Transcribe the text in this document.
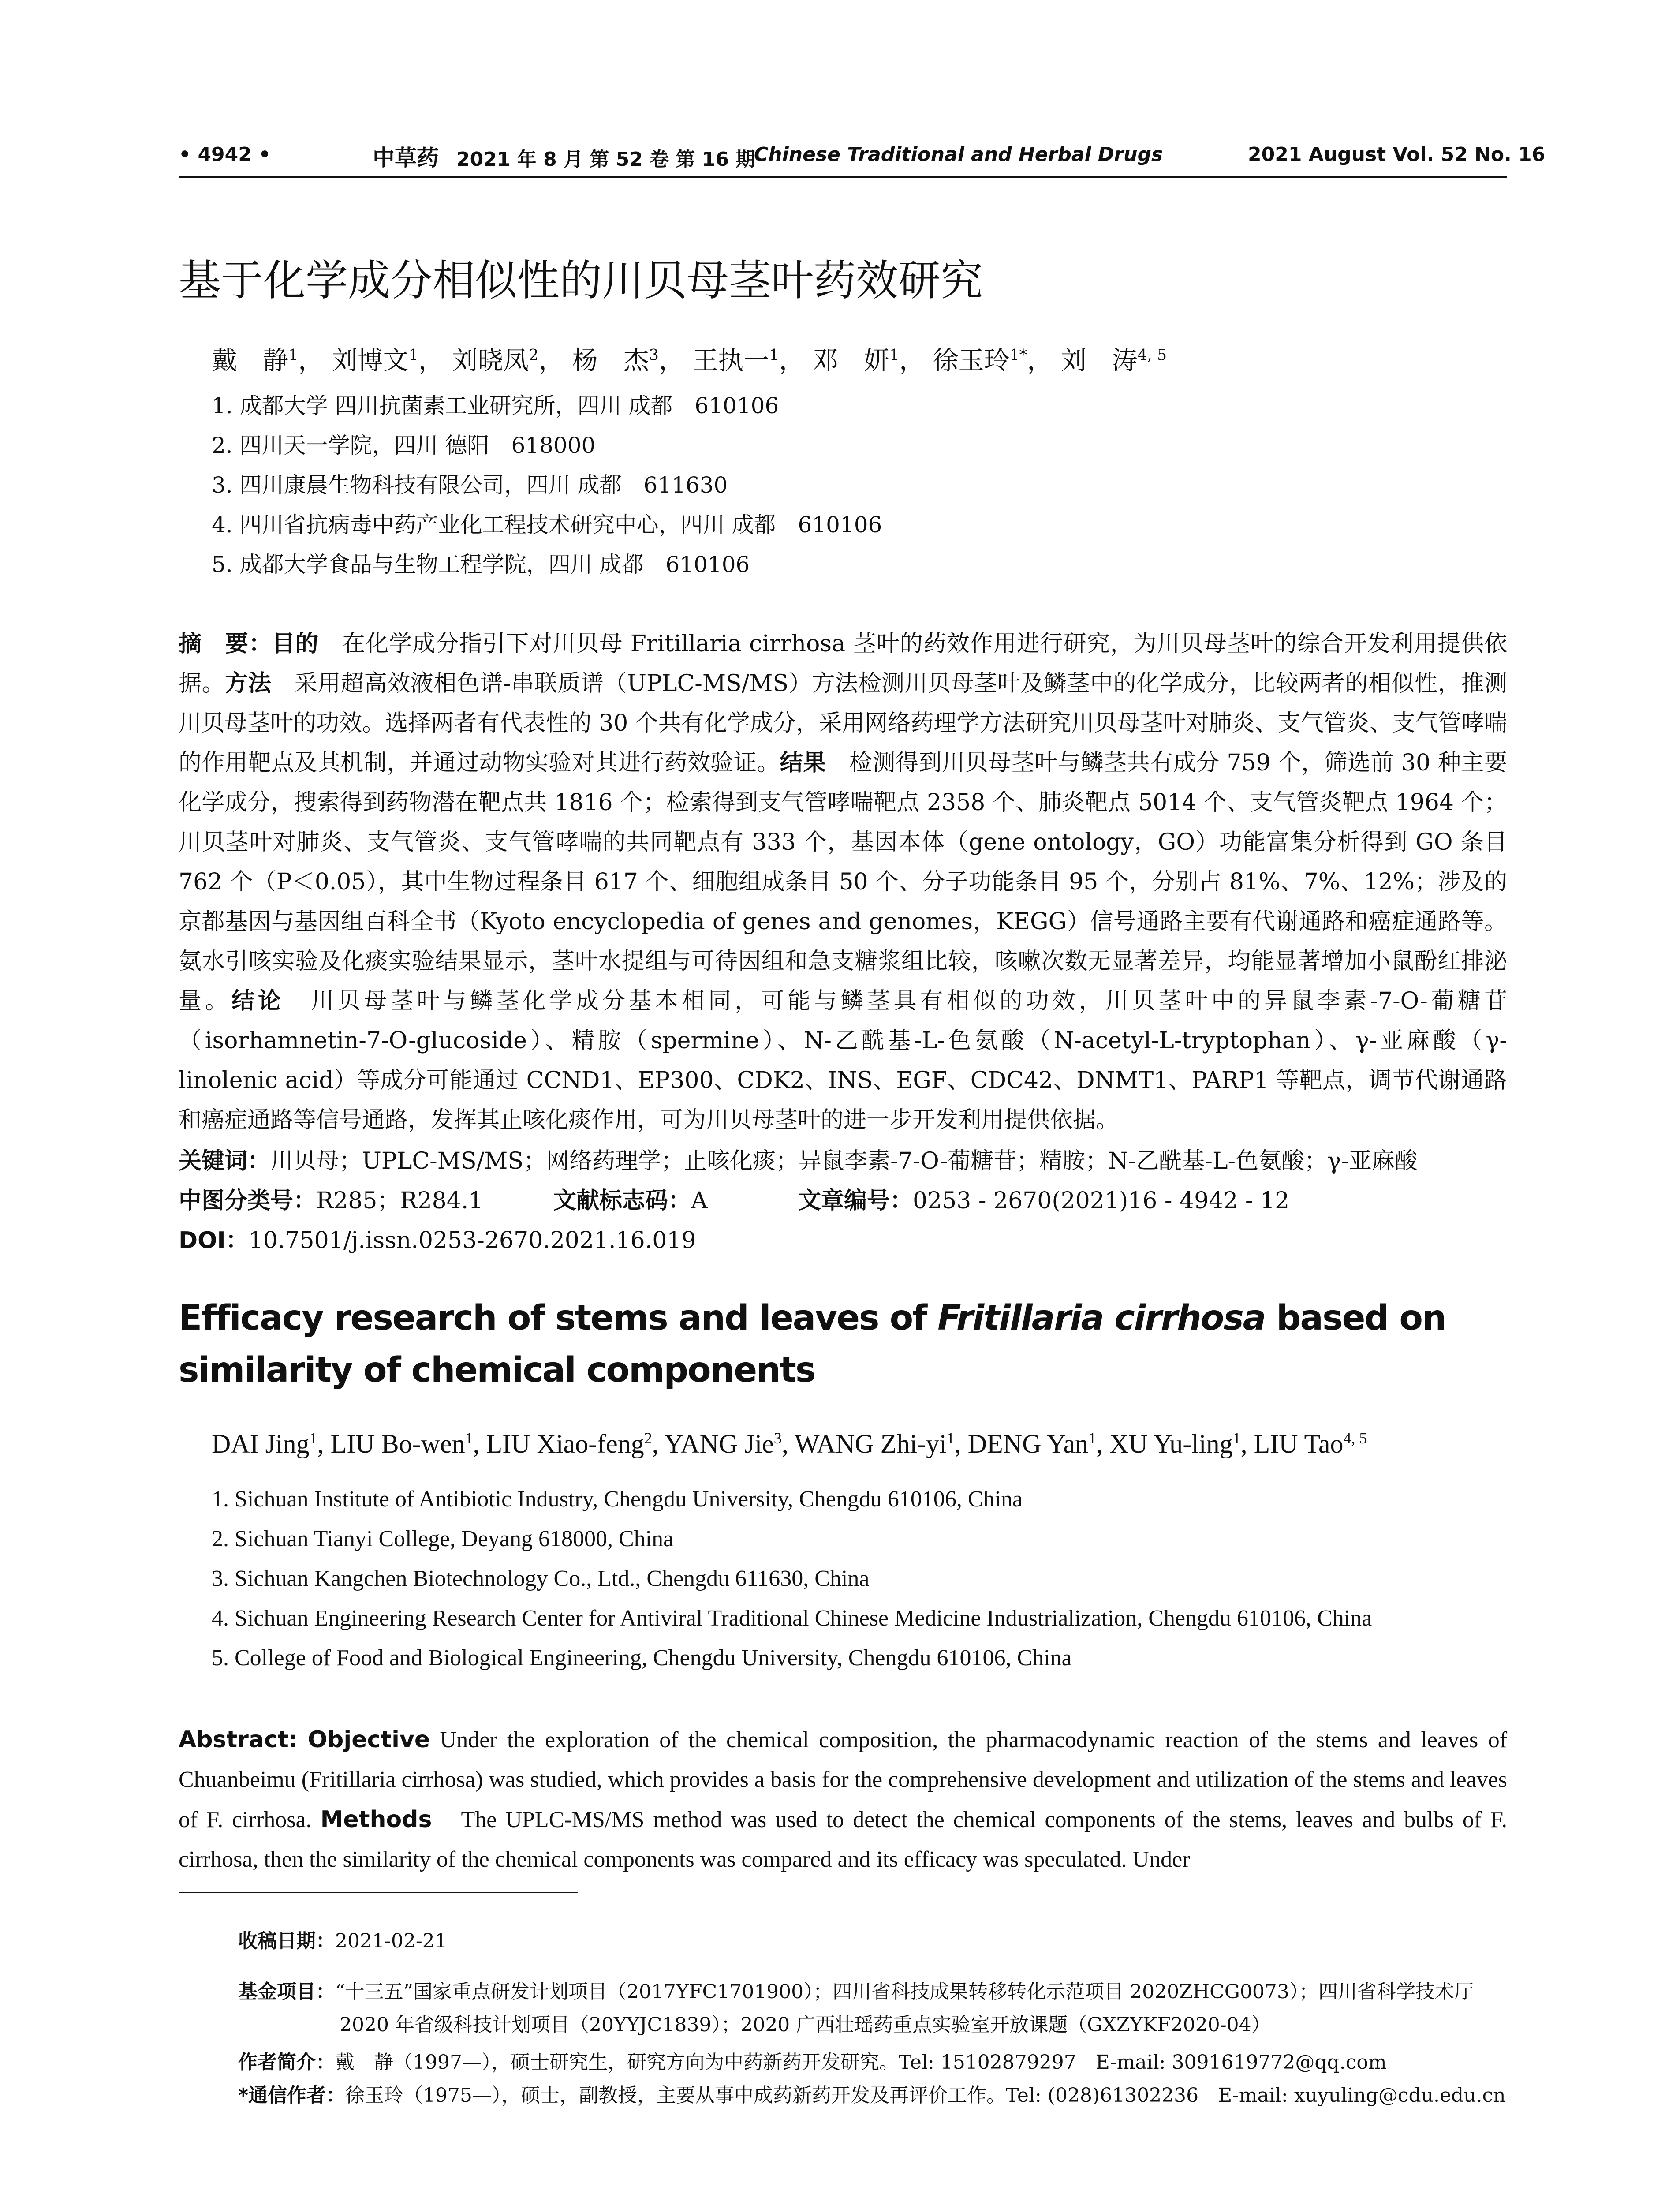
• 4942 •	中草药 2021 年 8 月 第 52 卷 第 16 期
Chinese Traditional and Herbal Drugs	2021 August Vol. 52 No. 16
基于化学成分相似性的川贝母茎叶药效研究
戴　静$^1$， 刘博文$^1$， 刘晓凤$^2$， 杨　杰$^3$， 王执一$^1$， 邓　妍$^1$， 徐玉玲$^{1*}$， 刘　涛$^{4, 5}$
1. 成都大学 四川抗菌素工业研究所，四川 成都　610106
2. 四川天一学院，四川 德阳　618000
3. 四川康晨生物科技有限公司，四川 成都　611630
4. 四川省抗病毒中药产业化工程技术研究中心，四川 成都　610106
5. 成都大学食品与生物工程学院，四川 成都　610106
摘　要：目的　 在化学成分指引下对川贝母 Fritillaria cirrhosa 茎叶的药效作用进行研究，为川贝母茎叶的综合开发利用提供依据。方法　 采用超高效液相色谱-串联质谱（UPLC-MS/MS）方法检测川贝母茎叶及鳞茎中的化学成分，比较两者的相似性，推测川贝母茎叶的功效。选择两者有代表性的 30 个共有化学成分，采用网络药理学方法研究川贝母茎叶对肺炎、支气管炎、支气管哮喘的作用靶点及其机制，并通过动物实验对其进行药效验证。结果　 检测得到川贝母茎叶与鳞茎共有成分 759 个，筛选前 30 种主要化学成分，搜索得到药物潜在靶点共 1816 个；检索得到支气管哮喘靶点 2358 个、肺炎靶点 5014 个、支气管炎靶点 1964 个；川贝茎叶对肺炎、支气管炎、支气管哮喘的共同靶点有 333 个，基因本体（gene ontology，GO）功能富集分析得到 GO 条目 762 个（P＜0.05），其中生物过程条目 617 个、细胞组成条目 50 个、分子功能条目 95 个，分别占 81%、7%、12%；涉及的京都基因与基因组百科全书（Kyoto encyclopedia of genes and genomes，KEGG）信号通路主要有代谢通路和癌症通路等。氨水引咳实验及化痰实验结果显示，茎叶水提组与可待因组和急支糖浆组比较，咳嗽次数无显著差异，均能显著增加小鼠酚红排泌量。结论　 川贝母茎叶与鳞茎化学成分基本相同，可能与鳞茎具有相似的功效，川贝茎叶中的异鼠李素-7-O-葡糖苷（isorhamnetin-7-O-glucoside）、精胺（spermine）、N-乙酰基-L-色氨酸（N-acetyl-L-tryptophan）、γ-亚麻酸（γ-linolenic acid）等成分可能通过 CCND1、EP300、CDK2、INS、EGF、CDC42、DNMT1、PARP1 等靶点，调节代谢通路和癌症通路等信号通路，发挥其止咳化痰作用，可为川贝母茎叶的进一步开发利用提供依据。
关键词：川贝母；UPLC-MS/MS；网络药理学；止咳化痰；异鼠李素-7-O-葡糖苷；精胺；N-乙酰基-L-色氨酸；γ-亚麻酸
中图分类号：R285；R284.1	文献标志码：A	文章编号：0253 - 2670(2021)16 - 4942 - 12
DOI：10.7501/j.issn.0253-2670.2021.16.019
Efficacy research of stems and leaves of Fritillaria cirrhosa based on similarity of chemical components
DAI Jing$^1$, LIU Bo-wen$^1$, LIU Xiao-feng$^2$, YANG Jie$^3$, WANG Zhi-$yi^1$, DENG Yan$^1$, XU Yu-ling$^1$, LIU Tao$^{4, 5}$
1. Sichuan Institute of Antibiotic Industry, Chengdu University, Chengdu 610106, China
2. Sichuan Tianyi College, Deyang 618000, China
3. Sichuan Kangchen Biotechnology Co., Ltd., Chengdu 611630, China
4. Sichuan Engineering Research Center for Antiviral Traditional Chinese Medicine Industrialization, Chengdu 610106, China
5. College of Food and Biological Engineering, Chengdu University, Chengdu 610106, China
Abstract: Objective Under the exploration of the chemical composition, the pharmacodynamic reaction of the stems and leaves of Chuanbeimu (Fritillaria cirrhosa) was studied, which provides a basis for the comprehensive development and utilization of the stems and leaves of F. cirrhosa. Methods　 The UPLC-MS/MS method was used to detect the chemical components of the stems, leaves and bulbs of F. cirrhosa, then the similarity of the chemical components was compared and its efficacy was speculated. Under
收稿日期：2021-02-21
基金项目：“十三五”国家重点研发计划项目（2017YFC1701900）；四川省科技成果转移转化示范项目 2020ZHCG0073）；四川省科学技术厅
2020 年省级科技计划项目（20YYJC1839）；2020 广西壮瑶药重点实验室开放课题（GXZYKF2020-04）
作者简介：戴　静（1997—），硕士研究生，研究方向为中药新药开发研究。Tel: 15102879297　E-mail: 3091619772@qq.com
*通信作者：徐玉玲（1975—），硕士，副教授，主要从事中成药新药开发及再评价工作。Tel: (028)61302236　E-mail: xuyuling@cdu.edu.cn
